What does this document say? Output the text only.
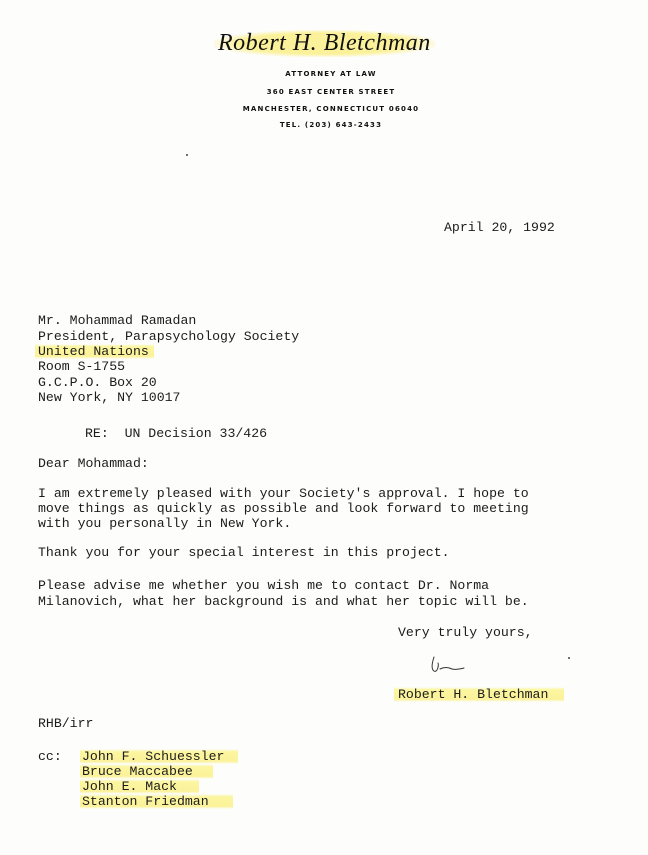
Robert H. Bletchman
ATTORNEY AT LAW
360 EAST CENTER STREET
MANCHESTER, CONNECTICUT 06040
TEL. (203) 643-2433
April 20, 1992
Mr. Mohammad Ramadan
President, Parapsychology Society
United Nations
Room S-1755
G.C.P.O. Box 20
New York, NY 10017
RE:  UN Decision 33/426
Dear Mohammad:
I am extremely pleased with your Society's approval. I hope to
move things as quickly as possible and look forward to meeting
with you personally in New York.
Thank you for your special interest in this project.
Please advise me whether you wish me to contact Dr. Norma
Milanovich, what her background is and what her topic will be.
Very truly yours,
Robert H. Bletchman
RHB/irr
cc: John F. Schuessler
Bruce Maccabee
John E. Mack
Stanton Friedman
